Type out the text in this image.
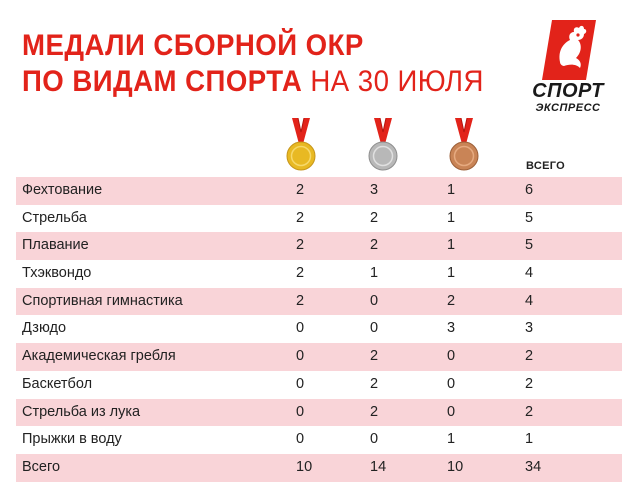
МЕДАЛИ СБОРНОЙ ОКР
ПО ВИДАМ СПОРТА НА 30 ИЮЛЯ	СПОРТ
ЭКСПРЕСС
ВСЕГО
Фехтование	2	3	1	6
Стрельба	2	2	1	5
Плавание	2	2	1	5
Тхэквондо	2	1	1	4
Спортивная гимнастика	2	0	2	4
Дзюдо	0	0	3	3
Академическая гребля	0	2	0	2
Баскетбол	0	2	0	2
Стрельба из лука	0	2	0	2
Прыжки в воду	0	0	1	1
Всего	10	14	10	34
